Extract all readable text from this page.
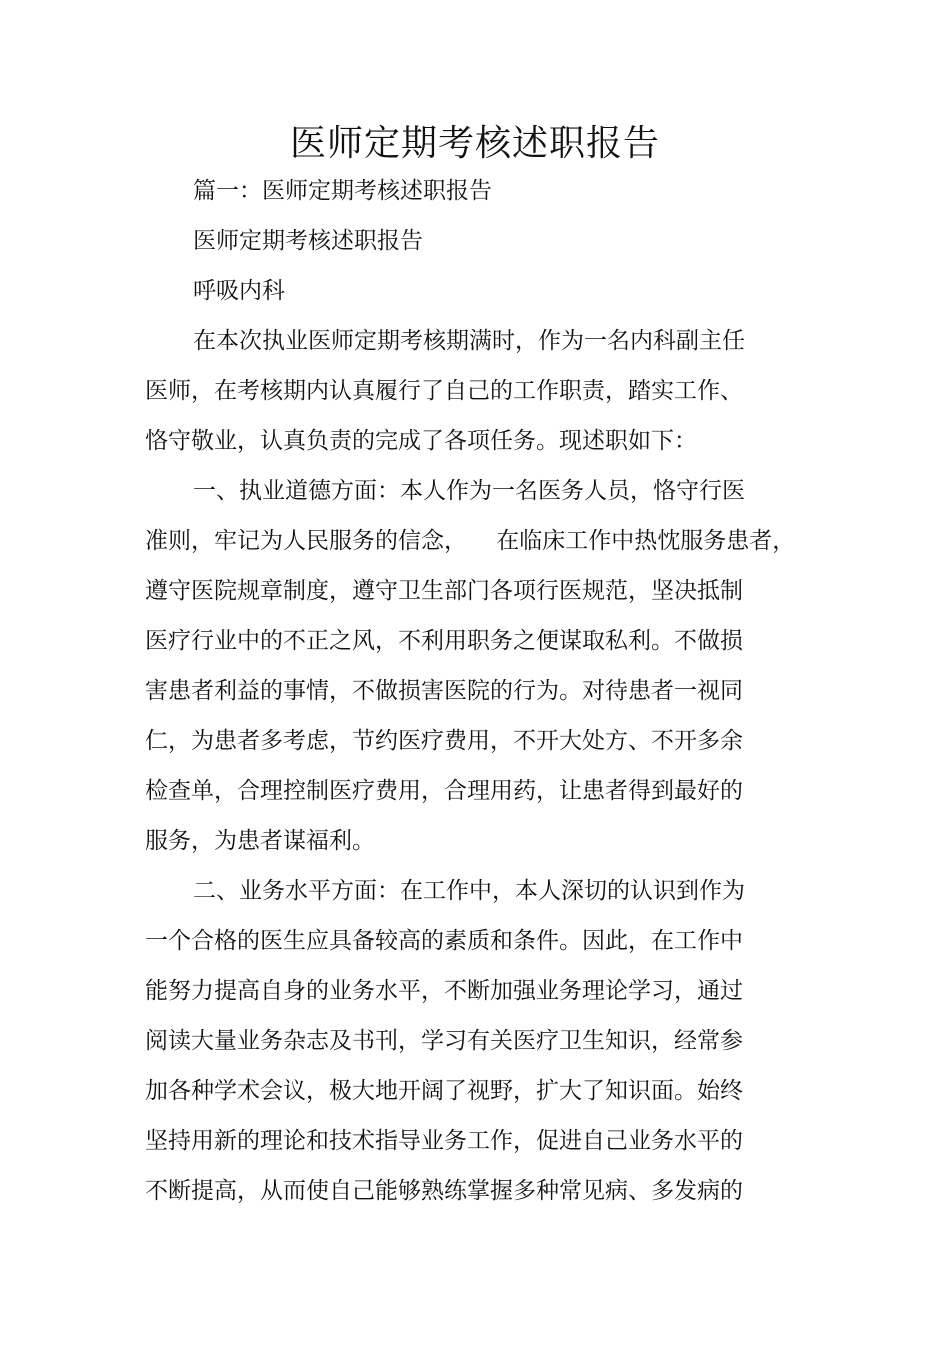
医师定期考核述职报告
篇一：医师定期考核述职报告
医师定期考核述职报告
呼吸内科
在本次执业医师定期考核期满时，作为一名内科副主任
医师，在考核期内认真履行了自己的工作职责，踏实工作、
恪守敬业，认真负责的完成了各项任务。现述职如下：
一、执业道德方面：本人作为一名医务人员，恪守行医
准则，牢记为人民服务的信念，    在临床工作中热忱服务患者，
遵守医院规章制度，遵守卫生部门各项行医规范，坚决抵制
医疗行业中的不正之风，不利用职务之便谋取私利。不做损
害患者利益的事情，不做损害医院的行为。对待患者一视同
仁，为患者多考虑，节约医疗费用，不开大处方、不开多余
检查单，合理控制医疗费用，合理用药，让患者得到最好的
服务，为患者谋福利。
二、业务水平方面：在工作中，本人深切的认识到作为
一个合格的医生应具备较高的素质和条件。因此，在工作中
能努力提高自身的业务水平，不断加强业务理论学习，通过
阅读大量业务杂志及书刊，学习有关医疗卫生知识，经常参
加各种学术会议，极大地开阔了视野，扩大了知识面。始终
坚持用新的理论和技术指导业务工作，促进自己业务水平的
不断提高，从而使自己能够熟练掌握多种常见病、多发病的
